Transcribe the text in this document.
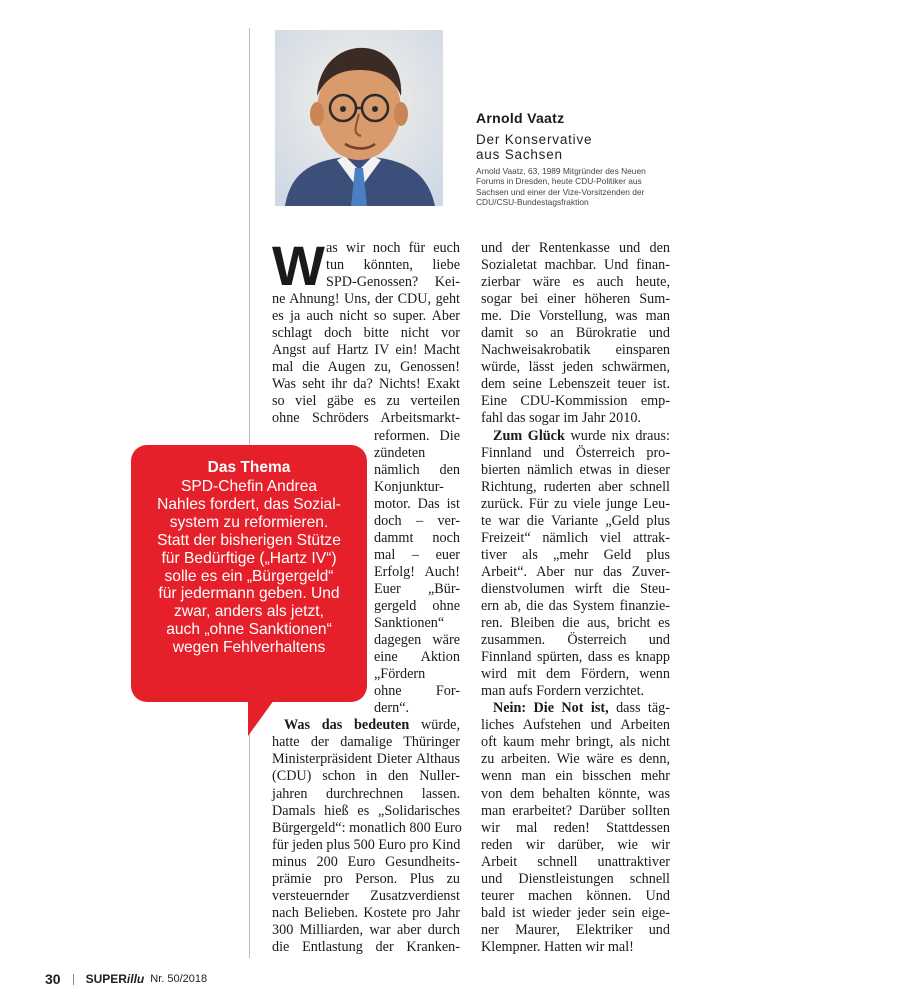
Arnold Vaatz
Der Konservative
aus Sachsen

Arnold Vaatz, 63, 1989 Mitgründer des Neuen Forums in Dresden, heute CDU-Politiker aus Sachsen und einer der Vize-Vorsitzenden der CDU/CSU-Bundestagsfraktion

W as wir noch für euch
tun könnten, liebe
SPD-Genossen? Kei-
ne Ahnung! Uns, der CDU, geht
es ja auch nicht so super. Aber
schlagt doch bitte nicht vor
Angst auf Hartz IV ein! Macht
mal die Augen zu, Genossen!
Was seht ihr da? Nichts! Exakt
so viel gäbe es zu verteilen
ohne Schröders Arbeitsmarkt-
reformen. Die
zündeten
nämlich den
Konjunktur-
motor. Das ist
doch – ver-
dammt noch
mal – euer
Erfolg! Auch!
Euer „Bür-
gergeld ohne
Sanktionen“
dagegen wäre
eine Aktion
„Fördern
ohne For-
dern“.
Was das bedeuten würde,
hatte der damalige Thüringer
Ministerpräsident Dieter Althaus
(CDU) schon in den Nuller-
jahren durchrechnen lassen.
Damals hieß es „Solidarisches
Bürgergeld“: monatlich 800 Euro
für jeden plus 500 Euro pro Kind
minus 200 Euro Gesundheits-
prämie pro Person. Plus zu
versteuernder Zusatzverdienst
nach Belieben. Kostete pro Jahr
300 Milliarden, war aber durch
die Entlastung der Kranken-
und der Rentenkasse und den
Sozialetat machbar. Und finan-
zierbar wäre es auch heute,
sogar bei einer höheren Sum-
me. Die Vorstellung, was man
damit so an Bürokratie und
Nachweisakrobatik einsparen
würde, lässt jeden schwärmen,
dem seine Lebenszeit teuer ist.
Eine CDU-Kommission emp-
fahl das sogar im Jahr 2010.
Zum Glück wurde nix draus:
Finnland und Österreich pro-
bierten nämlich etwas in dieser
Richtung, ruderten aber schnell
zurück. Für zu viele junge Leu-
te war die Variante „Geld plus
Freizeit“ nämlich viel attrak-
tiver als „mehr Geld plus
Arbeit“. Aber nur das Zuver-
dienstvolumen wirft die Steu-
ern ab, die das System finanzie-
ren. Bleiben die aus, bricht es
zusammen. Österreich und
Finnland spürten, dass es knapp
wird mit dem Fördern, wenn
man aufs Fordern verzichtet.
Nein: Die Not ist, dass täg-
liches Aufstehen und Arbeiten
oft kaum mehr bringt, als nicht
zu arbeiten. Wie wäre es denn,
wenn man ein bisschen mehr
von dem behalten könnte, was
man erarbeitet? Darüber sollten
wir mal reden! Stattdessen
reden wir darüber, wie wir
Arbeit schnell unattraktiver
und Dienstleistungen schnell
teurer machen können. Und
bald ist wieder jeder sein eige-
ner Maurer, Elektriker und
Klempner. Hatten wir mal!
Das Thema
SPD-Chefin Andrea
Nahles fordert, das Sozial-
system zu reformieren.
Statt der bisherigen Stütze
für Bedürftige („Hartz IV“)
solle es ein „Bürgergeld“
für jedermann geben. Und
zwar, anders als jetzt,
auch „ohne Sanktionen“
wegen Fehlverhaltens
30 SUPERillu Nr. 50/2018
